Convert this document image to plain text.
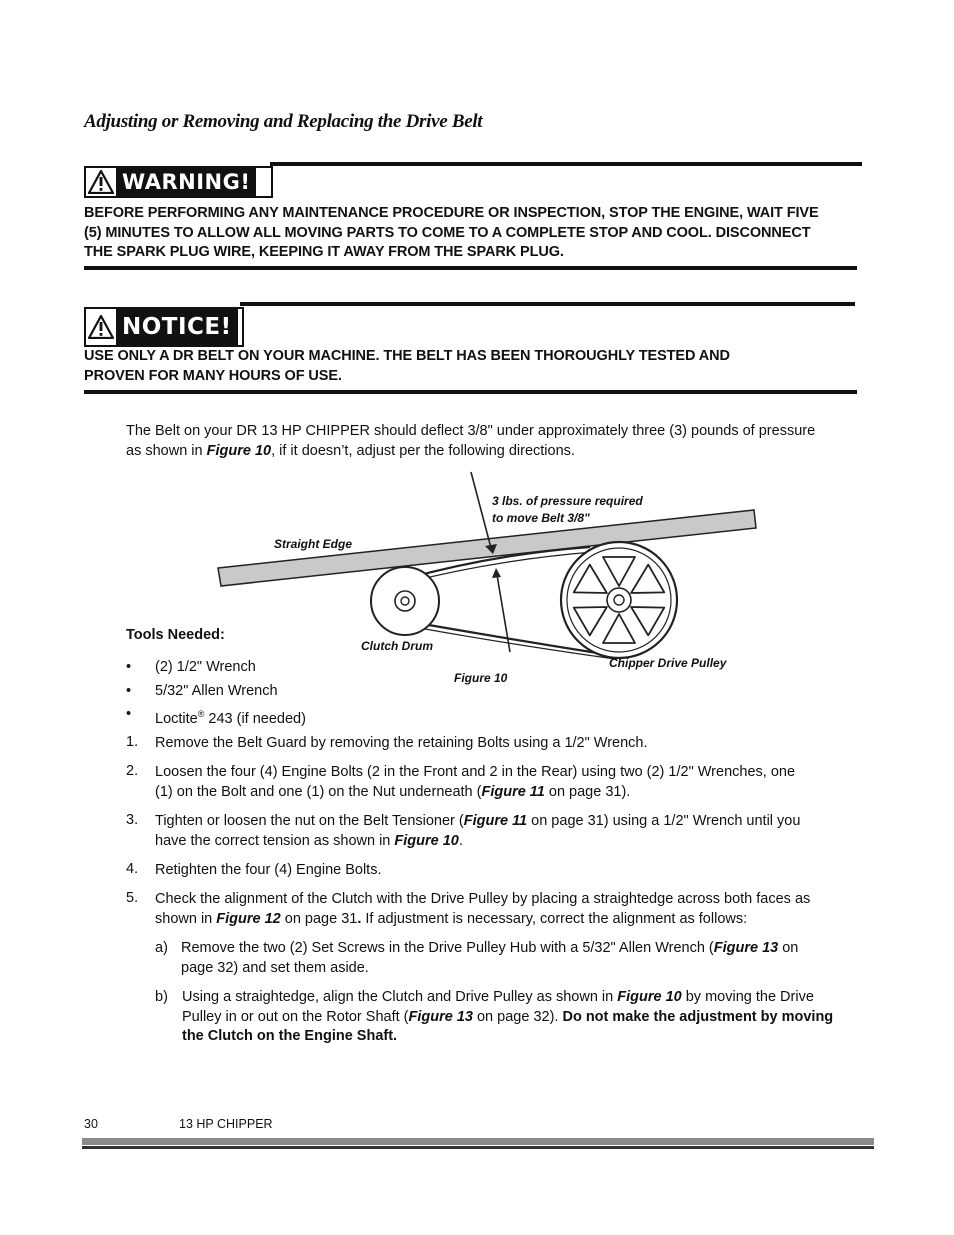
Adjusting or Removing and Replacing the Drive Belt
WARNING!
BEFORE PERFORMING ANY MAINTENANCE PROCEDURE OR INSPECTION, STOP THE ENGINE, WAIT FIVE
(5) MINUTES TO ALLOW ALL MOVING PARTS TO COME TO A COMPLETE STOP AND COOL. DISCONNECT
THE SPARK PLUG WIRE, KEEPING IT AWAY FROM THE SPARK PLUG.
NOTICE!
USE ONLY A DR BELT ON YOUR MACHINE. THE BELT HAS BEEN THOROUGHLY TESTED AND
PROVEN FOR MANY HOURS OF USE.
The Belt on your DR 13 HP CHIPPER should deflect 3/8" under approximately three (3) pounds of pressure
as shown in Figure 10, if it doesn’t, adjust per the following directions.
3 lbs. of pressure required
to move Belt 3/8"
Straight Edge
Clutch Drum
Chipper Drive Pulley
Figure 10
Tools Needed:
• (2) 1/2" Wrench
• 5/32" Allen Wrench
• Loctite® 243 (if needed)
1. Remove the Belt Guard by removing the retaining Bolts using a 1/2" Wrench.
2. Loosen the four (4) Engine Bolts (2 in the Front and 2 in the Rear) using two (2) 1/2" Wrenches, one
(1) on the Bolt and one (1) on the Nut underneath (Figure 11 on page 31).
3. Tighten or loosen the nut on the Belt Tensioner (Figure 11 on page 31) using a 1/2" Wrench until you
have the correct tension as shown in Figure 10.
4. Retighten the four (4) Engine Bolts.
5. Check the alignment of the Clutch with the Drive Pulley by placing a straightedge across both faces as
shown in Figure 12 on page 31. If adjustment is necessary, correct the alignment as follows:
a) Remove the two (2) Set Screws in the Drive Pulley Hub with a 5/32" Allen Wrench (Figure 13 on
page 32) and set them aside.
b) Using a straightedge, align the Clutch and Drive Pulley as shown in Figure 10 by moving the Drive
Pulley in or out on the Rotor Shaft (Figure 13 on page 32). Do not make the adjustment by moving
the Clutch on the Engine Shaft.
30	13 HP CHIPPER
